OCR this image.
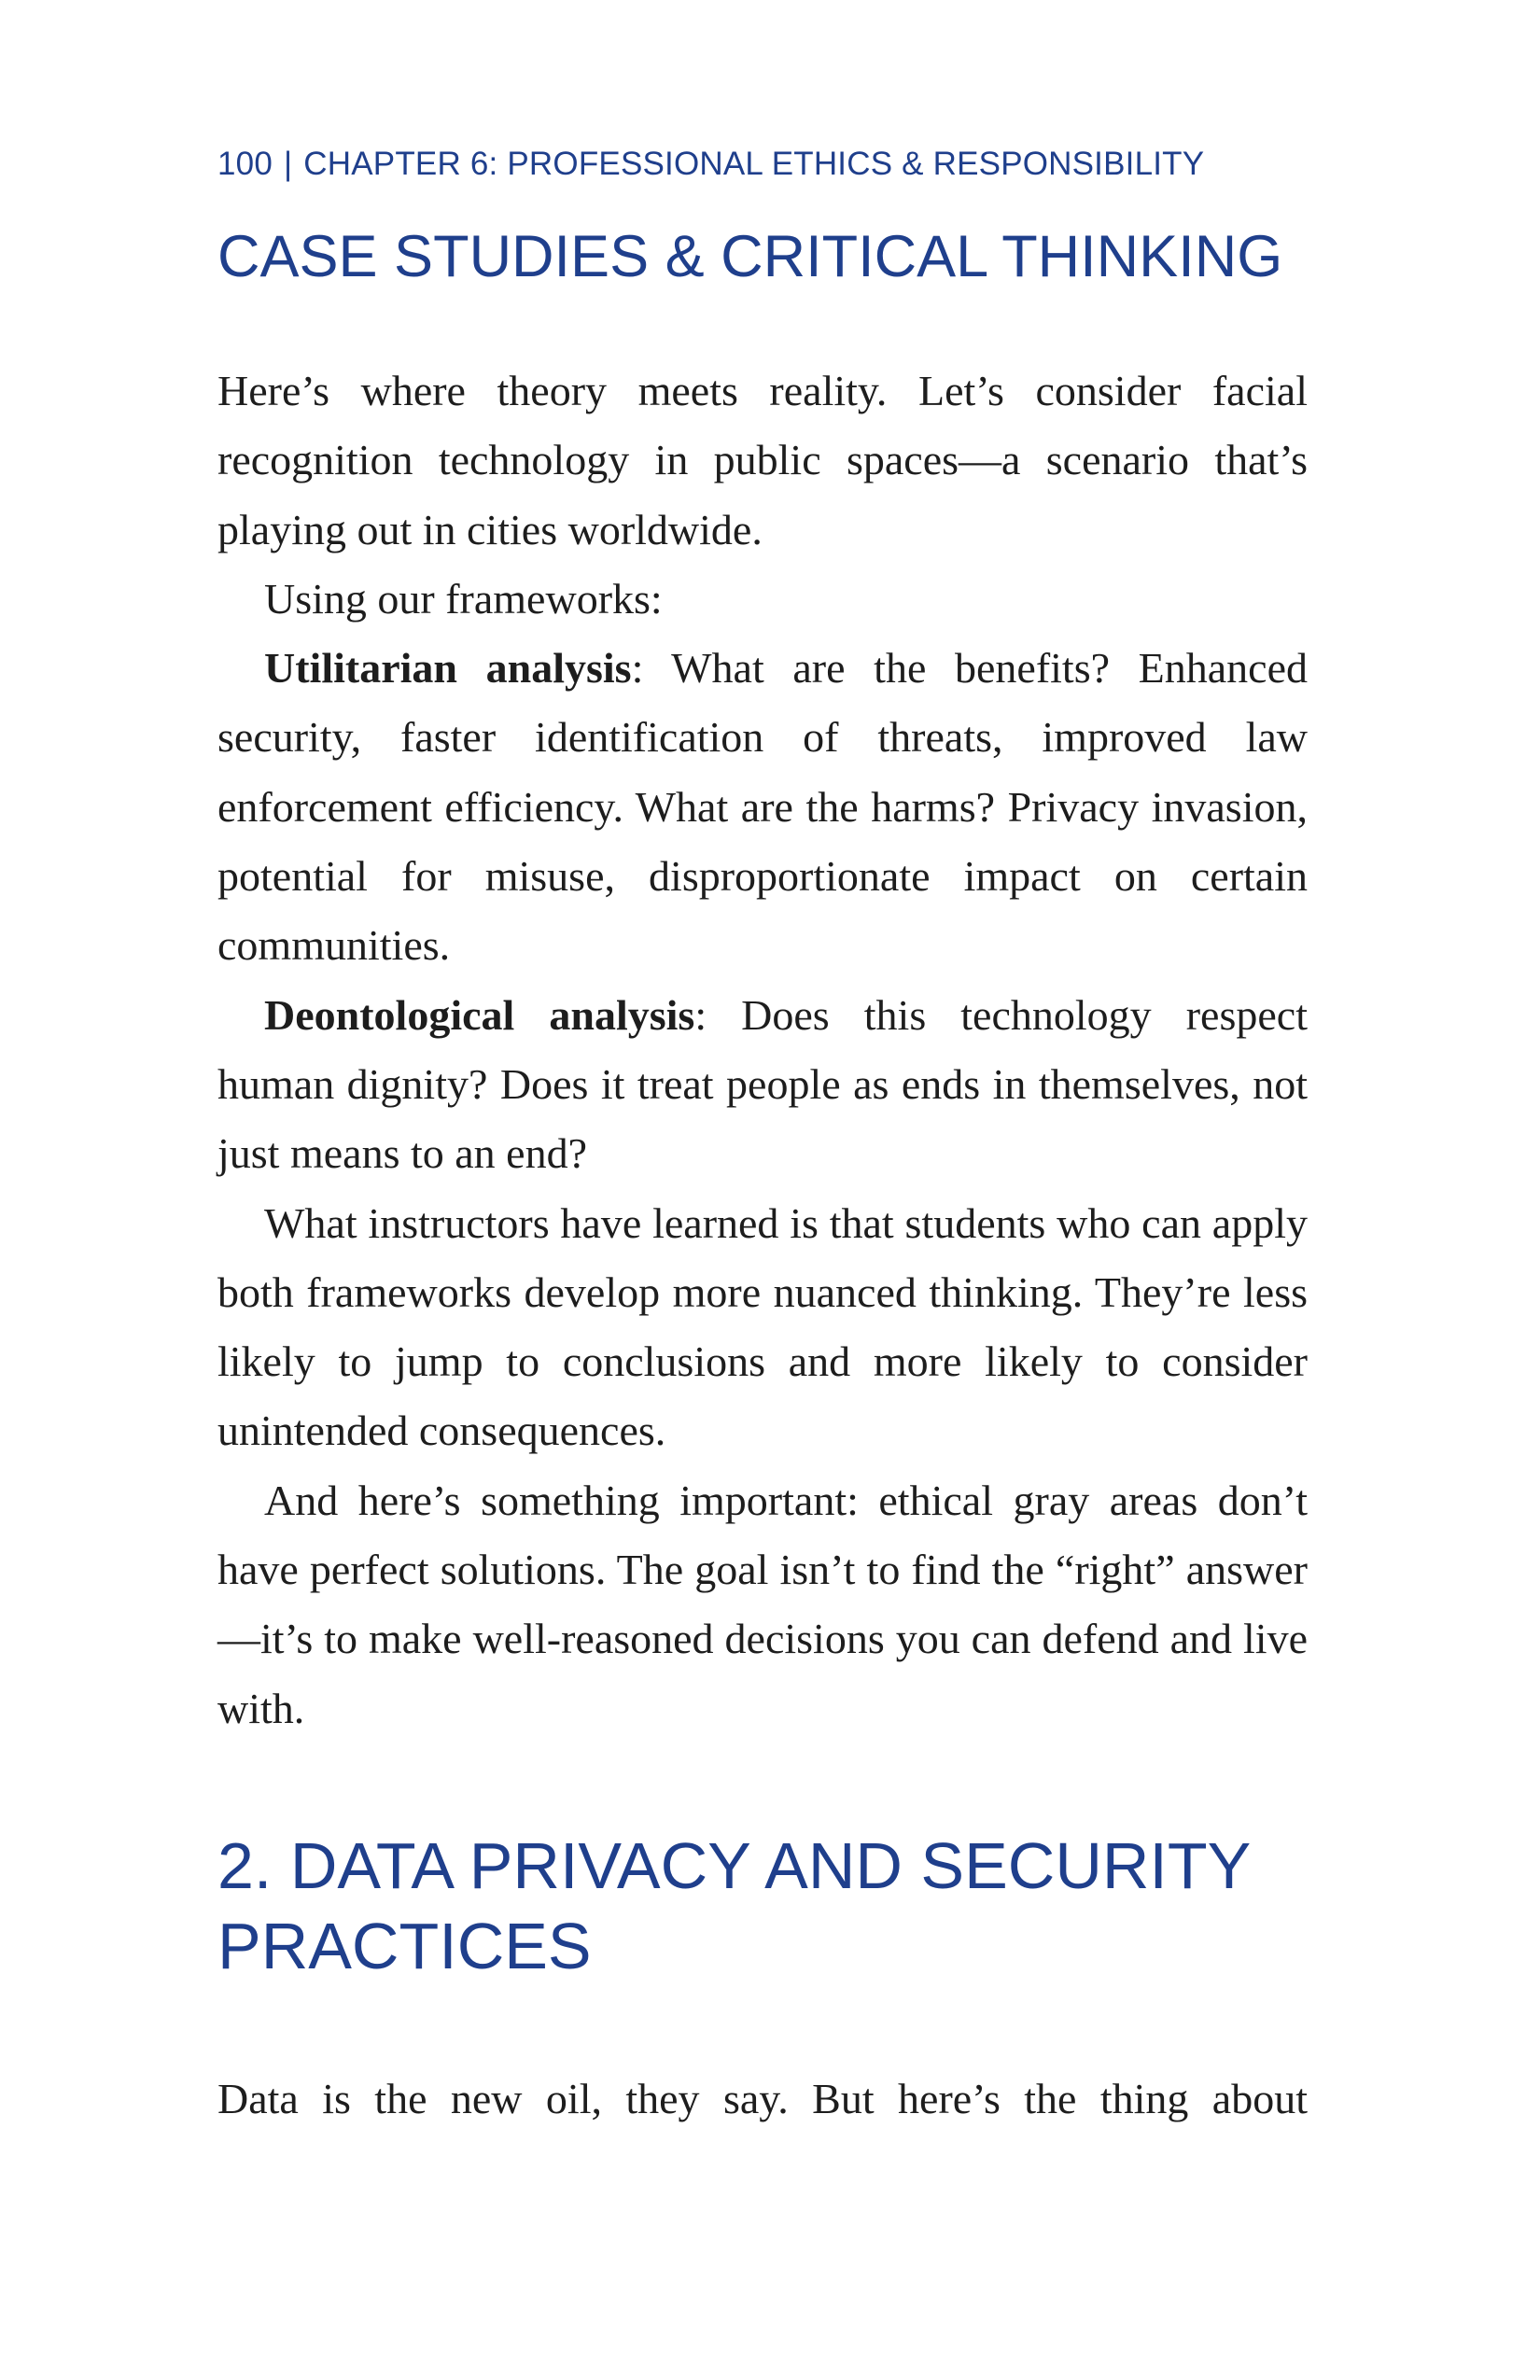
100 | CHAPTER 6: PROFESSIONAL ETHICS & RESPONSIBILITY
CASE STUDIES & CRITICAL THINKING

Here’s where theory meets reality. Let’s consider facial recognition technology in public spaces—a scenario that’s playing out in cities worldwide.

Using our frameworks:

Utilitarian analysis: What are the benefits? Enhanced security, faster identification of threats, improved law enforcement efficiency. What are the harms? Privacy invasion, potential for misuse, disproportionate impact on certain communities.

Deontological analysis: Does this technology respect human dignity? Does it treat people as ends in themselves, not just means to an end?

What instructors have learned is that students who can apply both frameworks develop more nuanced thinking. They’re less likely to jump to conclusions and more likely to consider unintended consequences.

And here’s something important: ethical gray areas don’t have perfect solutions. The goal isn’t to find the “right” answer—it’s to make well-reasoned decisions you can defend and live with.

2. DATA PRIVACY AND SECURITY PRACTICES

Data is the new oil, they say. But here’s the thing about
